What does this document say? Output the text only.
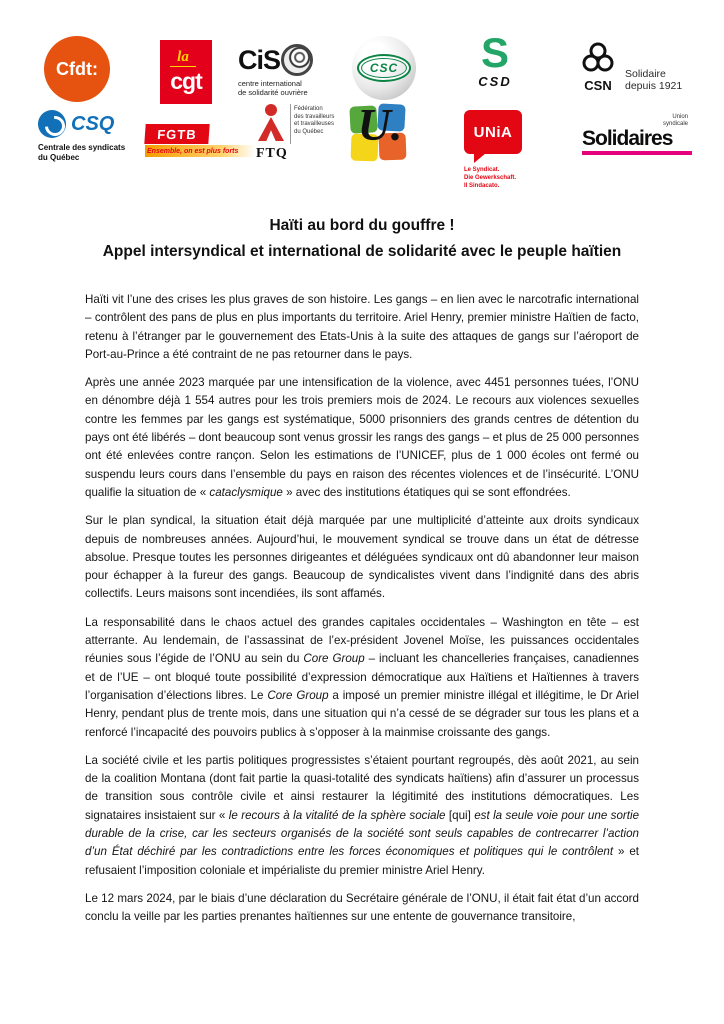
Cfdt:
la
cgt
CiS
centre international
de solidarité ouvrière
CSC	S
CSD	CSN
Solidaire
depuis 1921
CSQ
Centrale des syndicats
du Québec
FGTB
Ensemble, on est plus forts
Fédération
des travailleurs
et travailleuses
du Québec
FTQ
U.	UNiA
Le Syndicat.
Die Gewerkschaft.
Il Sindacato.
Union
syndicale
Solidaires
Haïti au bord du gouffre !
Appel intersyndical et international de solidarité avec le peuple haïtien

Haïti vit l’une des crises les plus graves de son histoire. Les gangs – en lien avec le narcotrafic international – contrôlent des pans de plus en plus importants du territoire. Ariel Henry, premier ministre Haïtien de facto, retenu à l’étranger par le gouvernement des Etats-Unis à la suite des attaques de gangs sur l’aéroport de Port-au-Prince a été contraint de ne pas retourner dans le pays.

Après une année 2023 marquée par une intensification de la violence, avec 4451 personnes tuées, l’ONU en dénombre déjà 1 554 autres pour les trois premiers mois de 2024. Le recours aux violences sexuelles contre les femmes par les gangs est systématique, 5000 prisonniers des grands centres de détention du pays ont été libérés – dont beaucoup sont venus grossir les rangs des gangs – et plus de 25 000 personnes ont été enlevées contre rançon. Selon les estimations de l’UNICEF, plus de 1 000 écoles ont fermé ou suspendu leurs cours dans l’ensemble du pays en raison des récentes violences et de l’insécurité. L’ONU qualifie la situation de « cataclysmique » avec des institutions étatiques qui se sont effondrées.

Sur le plan syndical, la situation était déjà marquée par une multiplicité d’atteinte aux droits syndicaux depuis de nombreuses années. Aujourd’hui, le mouvement syndical se trouve dans un état de détresse absolue. Presque toutes les personnes dirigeantes et déléguées syndicaux ont dû abandonner leur maison pour échapper à la fureur des gangs. Beaucoup de syndicalistes vivent dans l’indignité dans des abris collectifs. Leurs maisons sont incendiées, ils sont affamés.

La responsabilité dans le chaos actuel des grandes capitales occidentales – Washington en tête – est atterrante. Au lendemain, de l’assassinat de l’ex-président Jovenel Moïse, les puissances occidentales réunies sous l’égide de l’ONU au sein du Core Group – incluant les chancelleries françaises, canadiennes et de l’UE – ont bloqué toute possibilité d’expression démocratique aux Haïtiens et Haïtiennes à travers l’organisation d’élections libres. Le Core Group a imposé un premier ministre illégal et illégitime, le Dr Ariel Henry, pendant plus de trente mois, dans une situation qui n’a cessé de se dégrader sur tous les plans et a renforcé l’incapacité des pouvoirs publics à s’opposer à la mainmise croissante des gangs.

La société civile et les partis politiques progressistes s’étaient pourtant regroupés, dès août 2021, au sein de la coalition Montana (dont fait partie la quasi-totalité des syndicats haïtiens) afin d’assurer un processus de transition sous contrôle civile et ainsi restaurer la légitimité des institutions démocratiques. Les signataires insistaient sur « le recours à la vitalité de la sphère sociale [qui] est la seule voie pour une sortie durable de la crise, car les secteurs organisés de la société sont seuls capables de contrecarrer l’action d’un État déchiré par les contradictions entre les forces économiques et politiques qui le contrôlent » et refusaient l’imposition coloniale et impérialiste du premier ministre Ariel Henry.

Le 12 mars 2024, par le biais d’une déclaration du Secrétaire générale de l’ONU, il était fait état d’un accord conclu la veille par les parties prenantes haïtiennes sur une entente de gouvernance transitoire,
